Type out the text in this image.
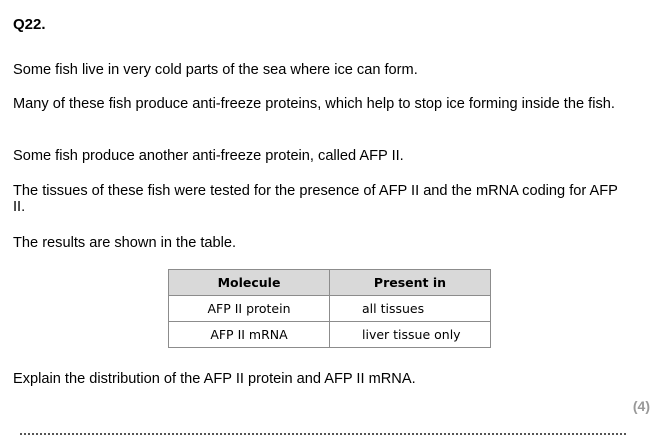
Q22.
Some fish live in very cold parts of the sea where ice can form.
Many of these fish produce anti-freeze proteins, which help to stop ice forming inside the fish.
Some fish produce another anti-freeze protein, called AFP II.
The tissues of these fish were tested for the presence of AFP II and the mRNA coding for AFP II.
The results are shown in the table.
Molecule	Present in
AFP II protein	all tissues
AFP II mRNA	liver tissue only
Explain the distribution of the AFP II protein and AFP II mRNA.
(4)
